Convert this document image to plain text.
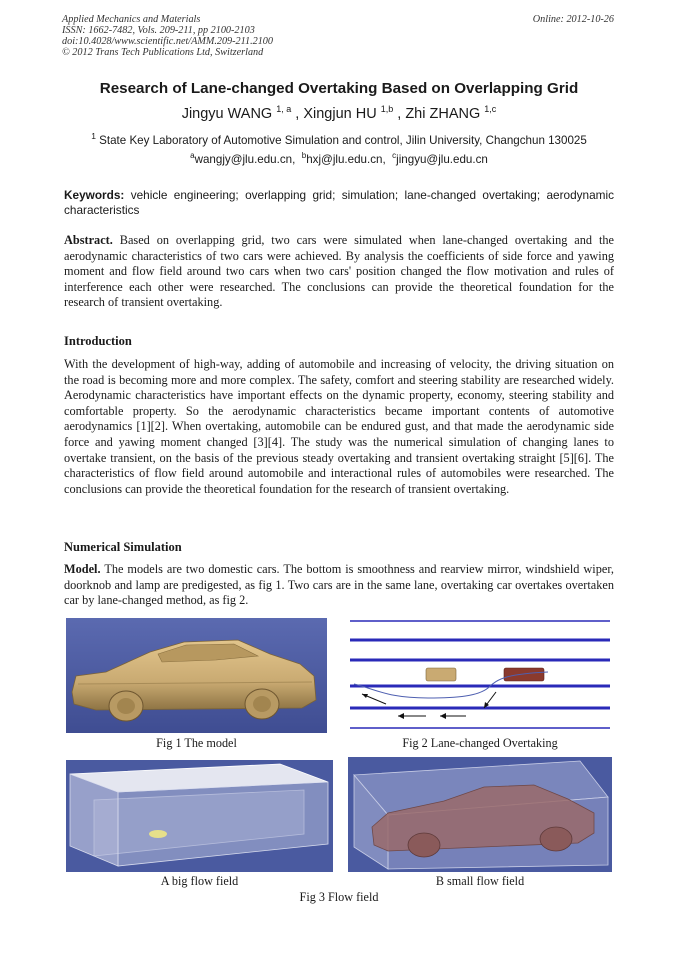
Applied Mechanics and Materials	Online: 2012-10-26
ISSN: 1662-7482, Vols. 209-211, pp 2100-2103
doi:10.4028/www.scientific.net/AMM.209-211.2100
© 2012 Trans Tech Publications Ltd, Switzerland
Research of Lane-changed Overtaking Based on Overlapping Grid
Jingyu WANG $^{1, a}$ , Xingjun HU $^{1,b}$ , Zhi ZHANG $^{1,c}$
$^1$ State Key Laboratory of Automotive Simulation and control, Jilin University, Changchun 130025
$^a$wangjy@jlu.edu.cn, $^b$hxj@jlu.edu.cn, $^c$jingyu@jlu.edu.cn
Keywords: vehicle engineering; overlapping grid; simulation; lane-changed overtaking; aerodynamic characteristics
Abstract. Based on overlapping grid, two cars were simulated when lane-changed overtaking and the aerodynamic characteristics of two cars were achieved. By analysis the coefficients of side force and yawing moment and flow field around two cars when two cars' position changed the flow motivation and rules of interference each other were researched. The conclusions can provide the theoretical foundation for the research of transient overtaking.
Introduction
With the development of high-way, adding of automobile and increasing of velocity, the driving situation on the road is becoming more and more complex. The safety, comfort and steering stability are researched widely. Aerodynamic characteristics have important effects on the dynamic property, economy, steering stability and comfortable property. So the aerodynamic characteristics became important contents of automotive aerodynamics [1][2]. When overtaking, automobile can be endured gust, and that made the aerodynamic side force and yawing moment changed [3][4]. The study was the numerical simulation of changing lanes to overtake transient, on the basis of the previous steady overtaking and transient overtaking straight [5][6]. The characteristics of flow field around automobile and interactional rules of automobiles were researched. The conclusions can provide the theoretical foundation for the research of transient overtaking.
Numerical Simulation
Model. The models are two domestic cars. The bottom is smoothness and rearview mirror, windshield wiper, doorknob and lamp are predigested, as fig 1. Two cars are in the same lane, overtaking car overtakes overtaken car by lane-changed method, as fig 2.
Fig 1 The model	Fig 2 Lane-changed Overtaking
A big flow field	B small flow field
Fig 3 Flow field
